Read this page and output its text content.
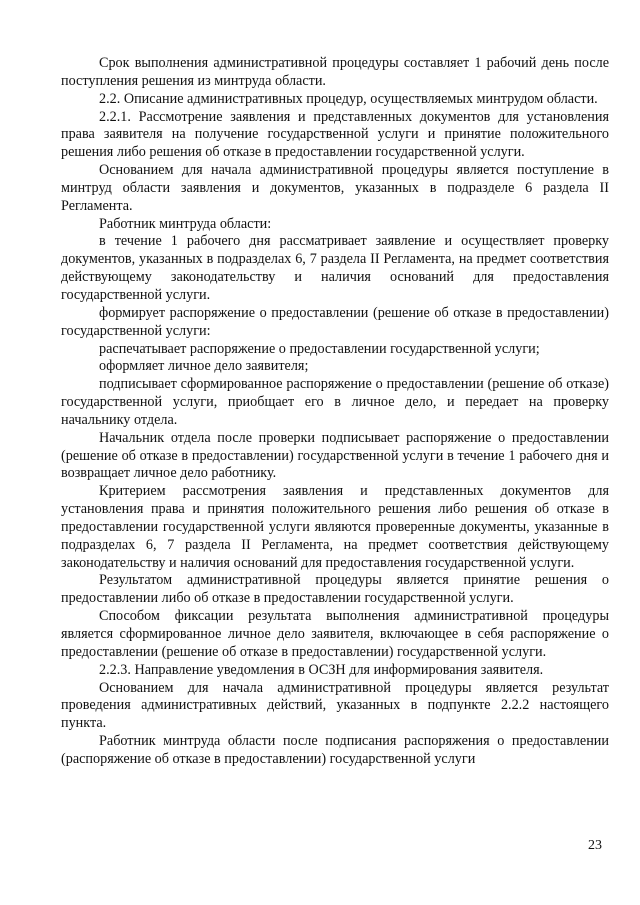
Срок выполнения административной процедуры составляет 1 рабочий день после поступления решения из минтруда области.

2.2. Описание административных процедур, осуществляемых минтрудом области.

2.2.1. Рассмотрение заявления и представленных документов для установления права заявителя на получение государственной услуги и принятие положительного решения либо решения об отказе в предоставлении государственной услуги.

Основанием для начала административной процедуры является поступление в минтруд области заявления и документов, указанных в подразделе 6 раздела II Регламента.

Работник минтруда области:

в течение 1 рабочего дня рассматривает заявление и осуществляет проверку документов, указанных в подразделах 6, 7 раздела II Регламента, на предмет соответствия действующему законодательству и наличия оснований для предоставления государственной услуги.

формирует распоряжение о предоставлении (решение об отказе в предоставлении) государственной услуги:

распечатывает распоряжение о предоставлении государственной услуги;

оформляет личное дело заявителя;

подписывает сформированное распоряжение о предоставлении (решение об отказе) государственной услуги, приобщает его в личное дело, и передает на проверку начальнику отдела.

Начальник отдела после проверки подписывает распоряжение о предоставлении (решение об отказе в предоставлении) государственной услуги в течение 1 рабочего дня и возвращает личное дело работнику.

Критерием рассмотрения заявления и представленных документов для установления права и принятия положительного решения либо решения об отказе в предоставлении государственной услуги являются проверенные документы, указанные в подразделах 6, 7 раздела II Регламента, на предмет соответствия действующему законодательству и наличия оснований для предоставления государственной услуги.

Результатом административной процедуры является принятие решения о предоставлении либо об отказе в предоставлении государственной услуги.

Способом фиксации результата выполнения административной процедуры является сформированное личное дело заявителя, включающее в себя распоряжение о предоставлении (решение об отказе в предоставлении) государственной услуги.

2.2.3. Направление уведомления в ОСЗН для информирования заявителя.

Основанием для начала административной процедуры является результат проведения административных действий, указанных в подпункте 2.2.2 настоящего пункта.

Работник минтруда области после подписания распоряжения о предоставлении (распоряжение об отказе в предоставлении) государственной услуги

23
